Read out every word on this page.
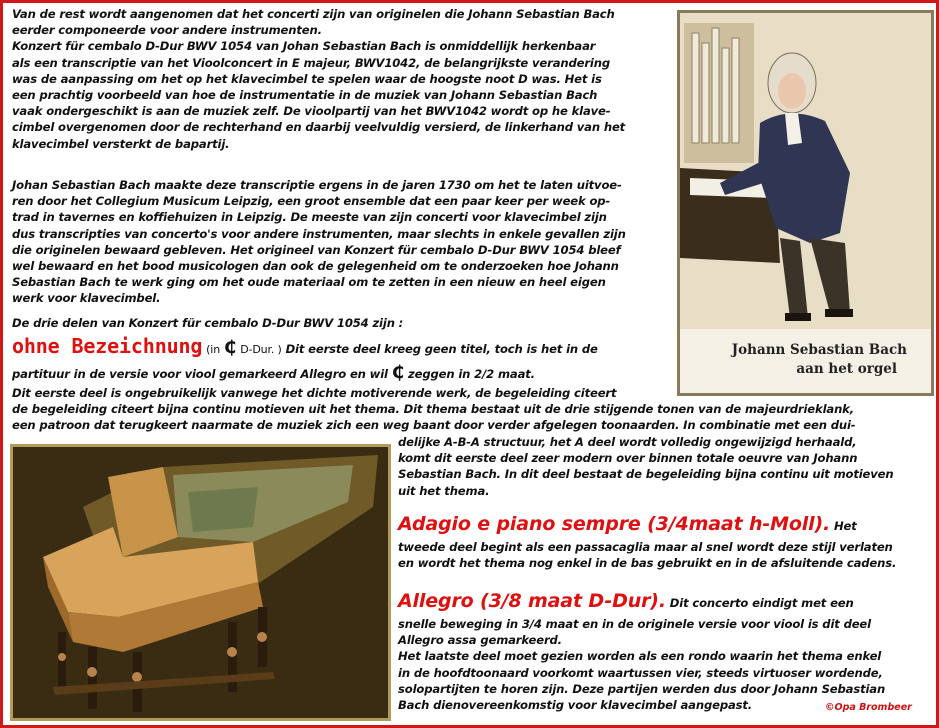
Van de rest wordt aangenomen dat het concerti zijn van originelen die Johann Sebastian Bach
eerder componeerde voor andere instrumenten.
Konzert für cembalo D-Dur BWV 1054 van Johan Sebastian Bach is onmiddellijk herkenbaar
als een transcriptie van het Vioolconcert in E majeur, BWV1042, de belangrijkste verandering
was de aanpassing om het op het klavecimbel te spelen waar de hoogste noot D was. Het is
een prachtig voorbeeld van hoe de instrumentatie in de muziek van Johann Sebastian Bach
vaak ondergeschikt is aan de muziek zelf. De vioolpartij van het BWV1042 wordt op he klave-
cimbel overgenomen door de rechterhand en daarbij veelvuldig versierd, de linkerhand van het
klavecimbel versterkt de bapartij.

Johan Sebastian Bach maakte deze transcriptie ergens in de jaren 1730 om het te laten uitvoe-
ren door het Collegium Musicum Leipzig, een groot ensemble dat een paar keer per week op-
trad in tavernes en koffiehuizen in Leipzig. De meeste van zijn concerti voor klavecimbel zijn
dus transcripties van concerto's voor andere instrumenten, maar slechts in enkele gevallen zijn
die originelen bewaard gebleven. Het origineel van Konzert für cembalo D-Dur BWV 1054 bleef
wel bewaard en het bood musicologen dan ook de gelegenheid om te onderzoeken hoe Johann
Sebastian Bach te werk ging om het oude materiaal om te zetten in een nieuw en heel eigen
werk voor klavecimbel.

De drie delen van Konzert für cembalo D-Dur BWV 1054 zijn :

ohne Bezeichnung (in ₵ D-Dur. ) Dit eerste deel kreeg geen titel, toch is het in de
partituur in de versie voor viool gemarkeerd Allegro en wil ₵ zeggen in 2/2 maat.

Dit eerste deel is ongebruikelijk vanwege het dichte motiverende werk, de begeleiding citeert
de begeleiding citeert bijna continu motieven uit het thema. Dit thema bestaat uit de drie stijgende tonen van de majeurdrieklank,
een patroon dat terugkeert naarmate de muziek zich een weg baant door verder afgelegen toonaarden. In combinatie met een dui-

delijke A-B-A structuur, het A deel wordt volledig ongewijzigd herhaald,
komt dit eerste deel zeer modern over binnen totale oeuvre van Johann
Sebastian Bach. In dit deel bestaat de begeleiding bijna continu uit motieven
uit het thema.

Adagio e piano sempre (3/4maat h-Moll). Het

tweede deel begint als een passacaglia maar al snel wordt deze stijl verlaten
en wordt het thema nog enkel in de bas gebruikt en in de afsluitende cadens.

Allegro (3/8 maat D-Dur). Dit concerto eindigt met een

snelle beweging in 3/4 maat en in de originele versie voor viool is dit deel
Allegro assa gemarkeerd.
Het laatste deel moet gezien worden als een rondo waarin het thema enkel
in de hoofdtoonaard voorkomt waartussen vier, steeds virtuoser wordende,
solopartijten te horen zijn. Deze partijen werden dus door Johann Sebastian
Bach dienovereenkomstig voor klavecimbel aangepast.

Johann Sebastian Bach
aan het orgel
©Opa Brombeer
